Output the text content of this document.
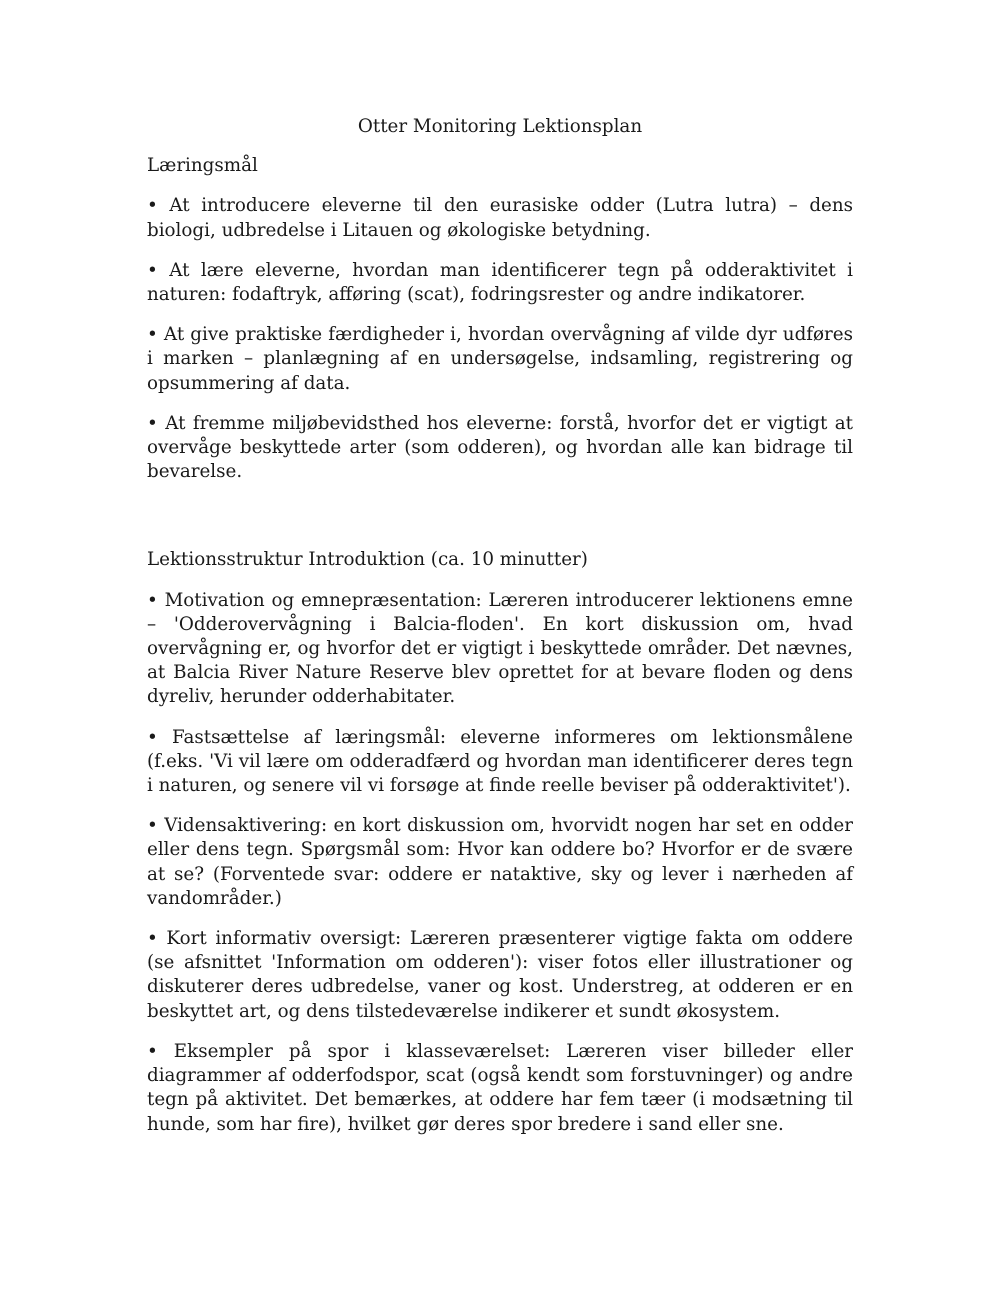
Otter Monitoring Lektionsplan
Læringsmål
• At introducere eleverne til den eurasiske odder (Lutra lutra) – dens biologi, udbredelse i Litauen og økologiske betydning.
• At lære eleverne, hvordan man identificerer tegn på odderaktivitet i naturen: fodaftryk, afføring (scat), fodringsrester og andre indikatorer.
• At give praktiske færdigheder i, hvordan overvågning af vilde dyr udføres i marken – planlægning af en undersøgelse, indsamling, registrering og opsummering af data.
• At fremme miljøbevidsthed hos eleverne: forstå, hvorfor det er vigtigt at overvåge beskyttede arter (som odderen), og hvordan alle kan bidrage til bevarelse.
Lektionsstruktur Introduktion (ca. 10 minutter)
• Motivation og emnepræsentation: Læreren introducerer lektionens emne – 'Odderovervågning i Balcia-floden'. En kort diskussion om, hvad overvågning er, og hvorfor det er vigtigt i beskyttede områder. Det nævnes, at Balcia River Nature Reserve blev oprettet for at bevare floden og dens dyreliv, herunder odderhabitater.
• Fastsættelse af læringsmål: eleverne informeres om lektionsmålene (f.eks. 'Vi vil lære om odderadfærd og hvordan man identificerer deres tegn i naturen, og senere vil vi forsøge at finde reelle beviser på odderaktivitet').
• Vidensaktivering: en kort diskussion om, hvorvidt nogen har set en odder eller dens tegn. Spørgsmål som: Hvor kan oddere bo? Hvorfor er de svære at se? (Forventede svar: oddere er nataktive, sky og lever i nærheden af vandområder.)
• Kort informativ oversigt: Læreren præsenterer vigtige fakta om oddere (se afsnittet 'Information om odderen'): viser fotos eller illustrationer og diskuterer deres udbredelse, vaner og kost. Understreg, at odderen er en beskyttet art, og dens tilstedeværelse indikerer et sundt økosystem.
• Eksempler på spor i klasseværelset: Læreren viser billeder eller diagrammer af odderfodspor, scat (også kendt som forstuvninger) og andre tegn på aktivitet. Det bemærkes, at oddere har fem tæer (i modsætning til hunde, som har fire), hvilket gør deres spor bredere i sand eller sne.
